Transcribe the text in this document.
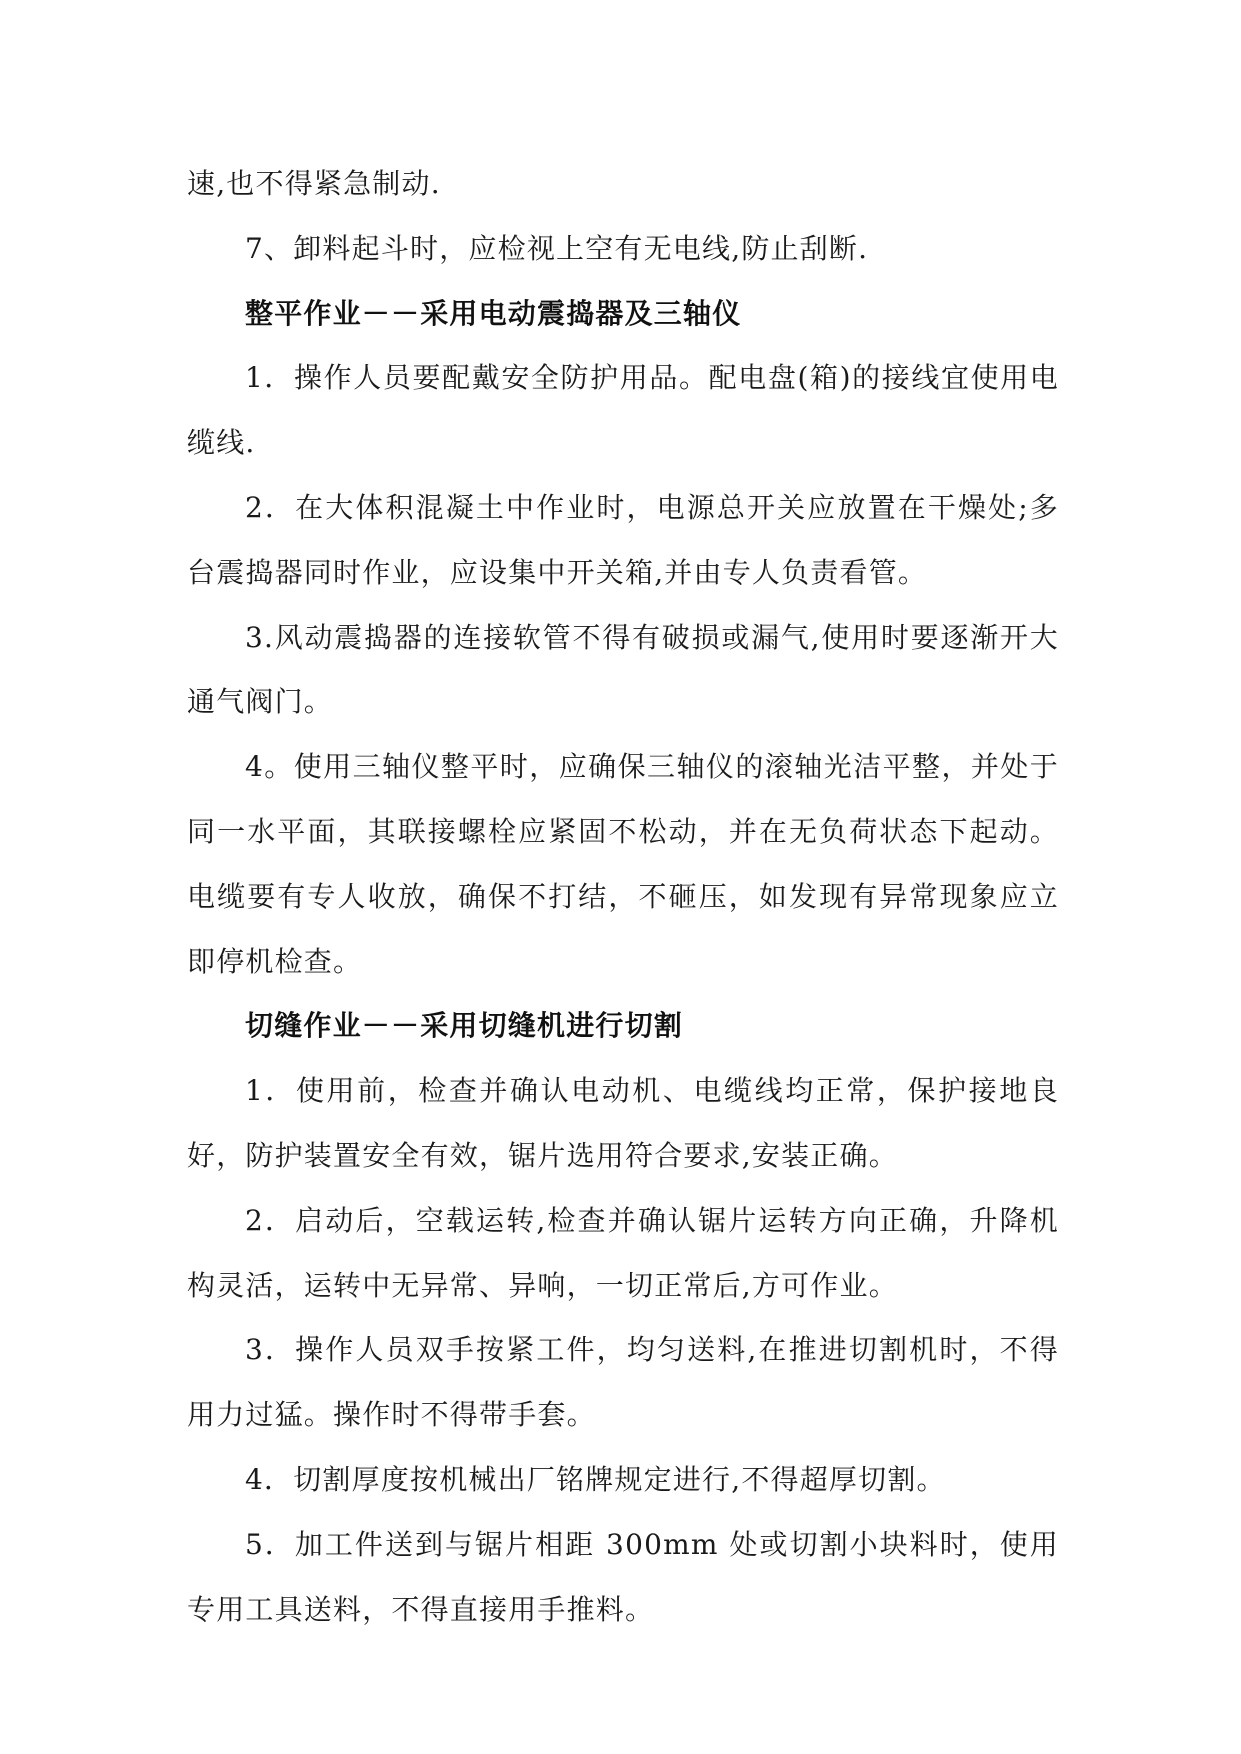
速,也不得紧急制动.

7、卸料起斗时，应检视上空有无电线,防止刮断.

整平作业－－采用电动震捣器及三轴仪

1．操作人员要配戴安全防护用品。配电盘(箱)的接线宜使用电缆线.

2．在大体积混凝土中作业时，电源总开关应放置在干燥处;多台震捣器同时作业，应设集中开关箱,并由专人负责看管。

3.风动震捣器的连接软管不得有破损或漏气,使用时要逐渐开大通气阀门。

4。使用三轴仪整平时，应确保三轴仪的滚轴光洁平整，并处于同一水平面，其联接螺栓应紧固不松动，并在无负荷状态下起动。电缆要有专人收放，确保不打结，不砸压，如发现有异常现象应立即停机检查。

切缝作业－－采用切缝机进行切割

1．使用前，检查并确认电动机、电缆线均正常，保护接地良好，防护装置安全有效，锯片选用符合要求,安装正确。

2．启动后，空载运转,检查并确认锯片运转方向正确，升降机构灵活，运转中无异常、异响，一切正常后,方可作业。

3．操作人员双手按紧工件，均匀送料,在推进切割机时，不得用力过猛。操作时不得带手套。

4．切割厚度按机械出厂铭牌规定进行,不得超厚切割。

5．加工件送到与锯片相距 300mm 处或切割小块料时，使用专用工具送料，不得直接用手推料。
